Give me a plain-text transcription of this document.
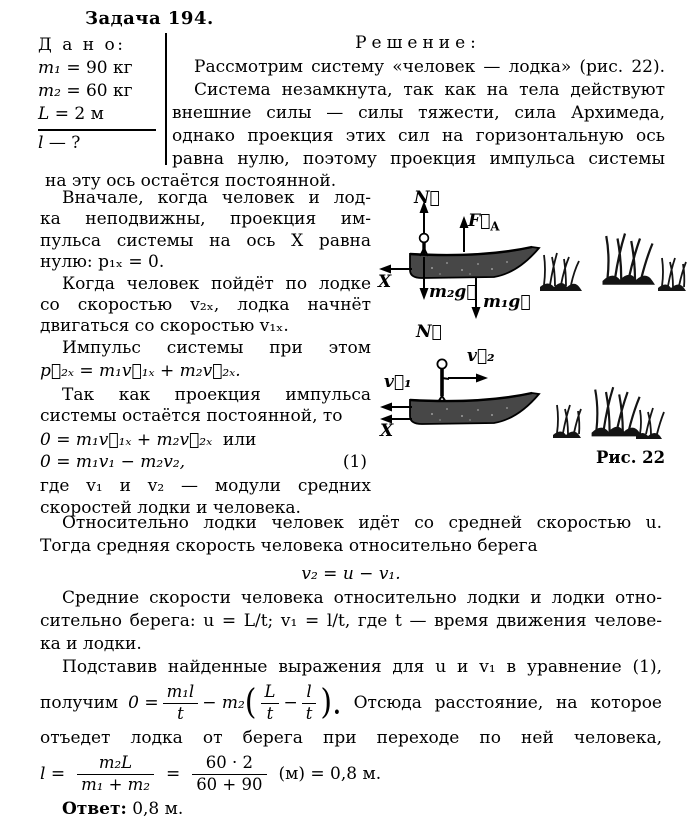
Задача 194.
Д а н о:
m₁ = 90 кг
m₂ = 60 кг
L = 2 м
l — ?
Решение:
Рассмотрим систему «человек — лодка» (рис. 22).
Система незамкнута, так как на тела действуют
внешние силы — силы тяжести, сила Архимеда,
однако проекция этих сил на горизонтальную ось
равна нулю, поэтому проекция импульса системы
на эту ось остаётся постоянной.
Вначале, когда человек и лод-
ка неподвижны, проекция им-
пульса системы на ось X равна
нулю: p₁ₓ = 0.
Когда человек пойдёт по лодке
со скоростью v₂ₓ, лодка начнёт
двигаться со скоростью v₁ₓ.
Импульс системы при этом
p⃗₂ₓ = m₁v⃗₁ₓ + m₂v⃗₂ₓ.
Так как проекция импульса
системы остаётся постоянной, то
0 = m₁v⃗₁ₓ + m₂v⃗₂ₓ или
0 = m₁v₁ − m₂v₂,	(1)
где v₁ и v₂ — модули средних
скоростей лодки и человека.
N⃗
$F⃗_A$
X m₂g⃗ m₁g⃗
N⃗
v⃗₂
v⃗₁
X
Рис. 22
Относительно лодки человек идёт со средней скоростью u.
Тогда средняя скорость человека относительно берега
v₂ = u − v₁.
Средние скорости человека относительно лодки и лодки отно-
сительно берега: u = L/t; v₁ = l/t, где t — время движения челове-
ка и лодки.
Подставив найденные выражения для u и v₁ в уравнение (1),
получим $0 = \frac{\text{m₁l}}{t} - m_2$ ( $\frac{L}{t} - \frac{l}{t}$ ). Отсюда расстояние, на которое
отъедет лодка от берега при переходе по ней человека,
$l = \frac{\text{m₂L}}{\text{m₁ + m₂}} = \frac{60 \cdot 2}{60 + 90} (м) = 0,8$ м.
Ответ: 0,8 м.
